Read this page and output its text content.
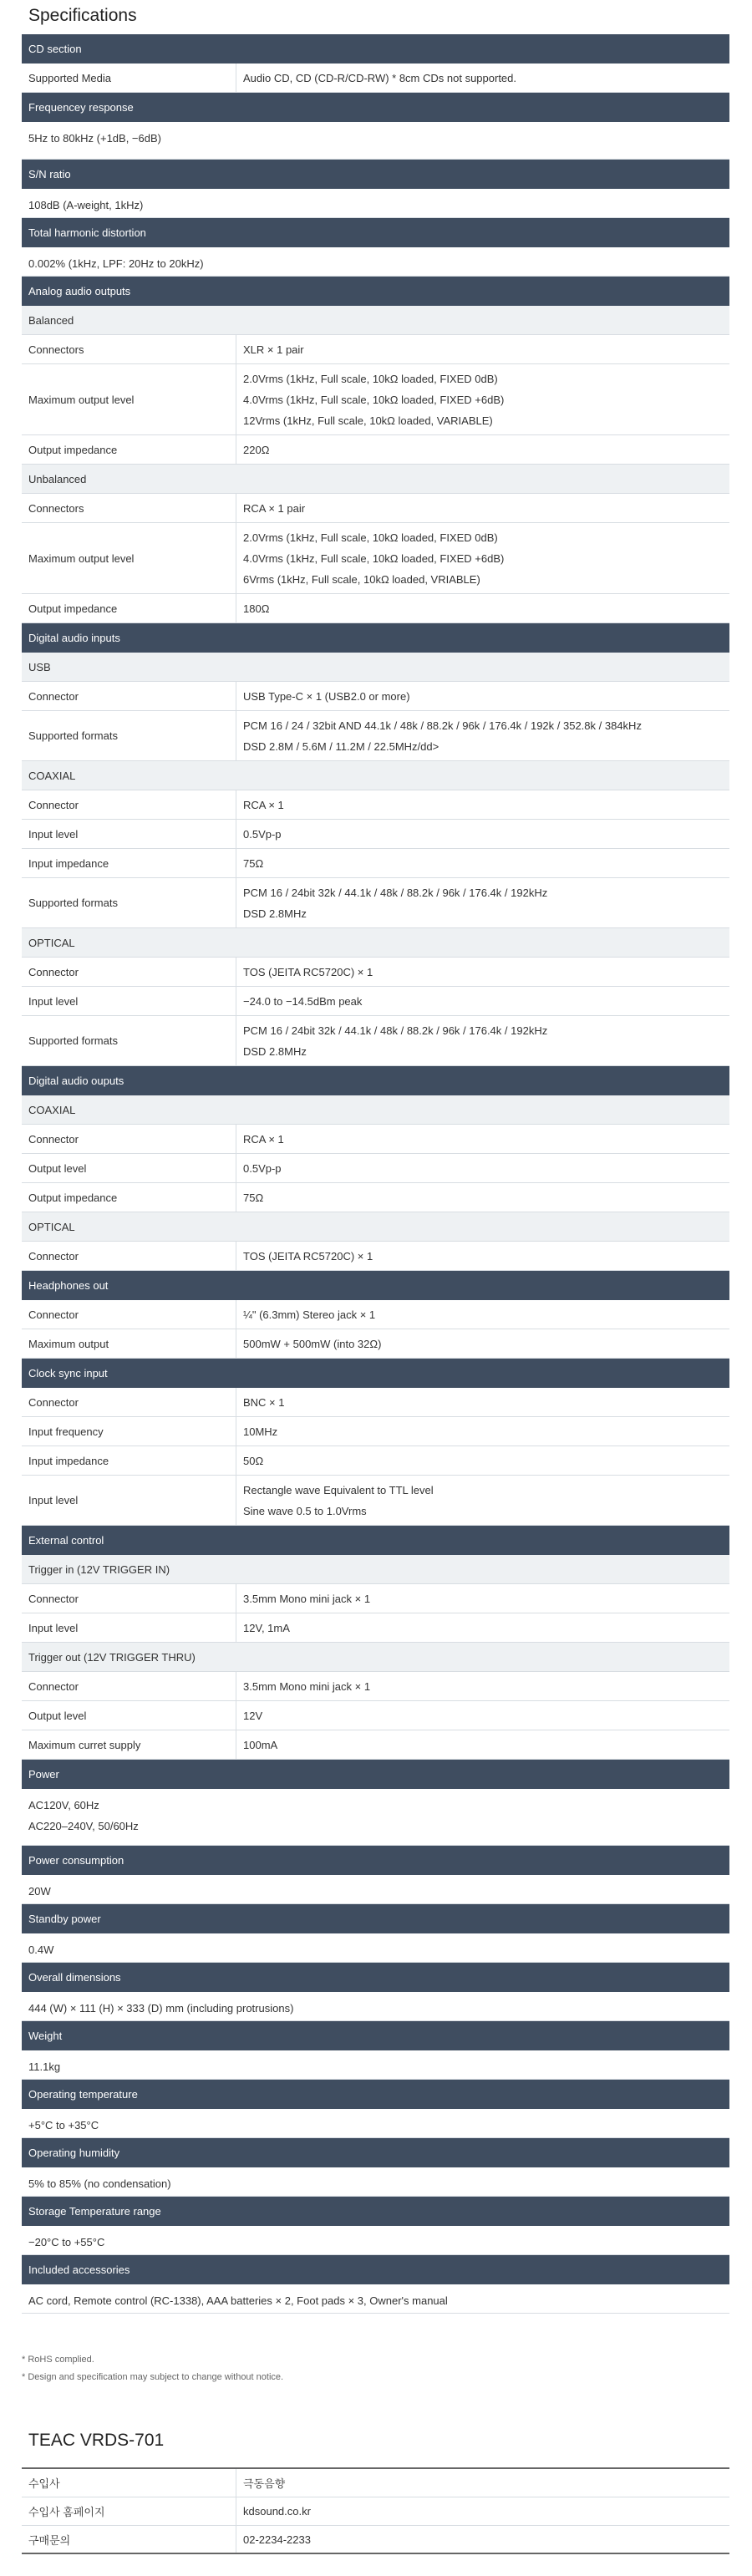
Specifications
CD section
Supported Media	Audio CD, CD (CD-R/CD-RW) * 8cm CDs not supported.
Frequencey response
5Hz to 80kHz (+1dB, −6dB)
S/N ratio
108dB (A-weight, 1kHz)
Total harmonic distortion
0.002% (1kHz, LPF: 20Hz to 20kHz)
Analog audio outputs
Balanced
Connectors	XLR × 1 pair
Maximum output level
2.0Vrms (1kHz, Full scale, 10kΩ loaded, FIXED 0dB)
4.0Vrms (1kHz, Full scale, 10kΩ loaded, FIXED +6dB)
12Vrms (1kHz, Full scale, 10kΩ loaded, VARIABLE)
Output impedance	220Ω
Unbalanced
Connectors	RCA × 1 pair
Maximum output level
2.0Vrms (1kHz, Full scale, 10kΩ loaded, FIXED 0dB)
4.0Vrms (1kHz, Full scale, 10kΩ loaded, FIXED +6dB)
6Vrms (1kHz, Full scale, 10kΩ loaded, VRIABLE)
Output impedance	180Ω
Digital audio inputs
USB
Connector	USB Type-C × 1 (USB2.0 or more)
Supported formats
PCM 16 / 24 / 32bit AND 44.1k / 48k / 88.2k / 96k / 176.4k / 192k / 352.8k / 384kHz
DSD 2.8M / 5.6M / 11.2M / 22.5MHz/dd>
COAXIAL
Connector	RCA × 1
Input level	0.5Vp-p
Input impedance	75Ω
Supported formats
PCM 16 / 24bit 32k / 44.1k / 48k / 88.2k / 96k / 176.4k / 192kHz
DSD 2.8MHz
OPTICAL
Connector	TOS (JEITA RC5720C) × 1
Input level	−24.0 to −14.5dBm peak
Supported formats
PCM 16 / 24bit 32k / 44.1k / 48k / 88.2k / 96k / 176.4k / 192kHz
DSD 2.8MHz
Digital audio ouputs
COAXIAL
Connector	RCA × 1
Output level	0.5Vp-p
Output impedance	75Ω
OPTICAL
Connector	TOS (JEITA RC5720C) × 1
Headphones out
Connector	¼" (6.3mm) Stereo jack × 1
Maximum output	500mW + 500mW (into 32Ω)
Clock sync input
Connector	BNC × 1
Input frequency	10MHz
Input impedance	50Ω
Input level
Rectangle wave Equivalent to TTL level
Sine wave 0.5 to 1.0Vrms
External control
Trigger in (12V TRIGGER IN)
Connector	3.5mm Mono mini jack × 1
Input level	12V, 1mA
Trigger out (12V TRIGGER THRU)
Connector	3.5mm Mono mini jack × 1
Output level	12V
Maximum curret supply	100mA
Power
AC120V, 60Hz
AC220–240V, 50/60Hz
Power consumption
20W
Standby power
0.4W
Overall dimensions
444 (W) × 111 (H) × 333 (D) mm (including protrusions)
Weight
11.1kg
Operating temperature
+5°C to +35°C
Operating humidity
5% to 85% (no condensation)
Storage Temperature range
−20°C to +55°C
Included accessories
AC cord, Remote control (RC-1338), AAA batteries × 2, Foot pads × 3, Owner's manual
* RoHS complied.
* Design and specification may subject to change without notice.
TEAC VRDS-701
수입사	극동음향
수입사 홈페이지	kdsound.co.kr
구매문의	02-2234-2233
